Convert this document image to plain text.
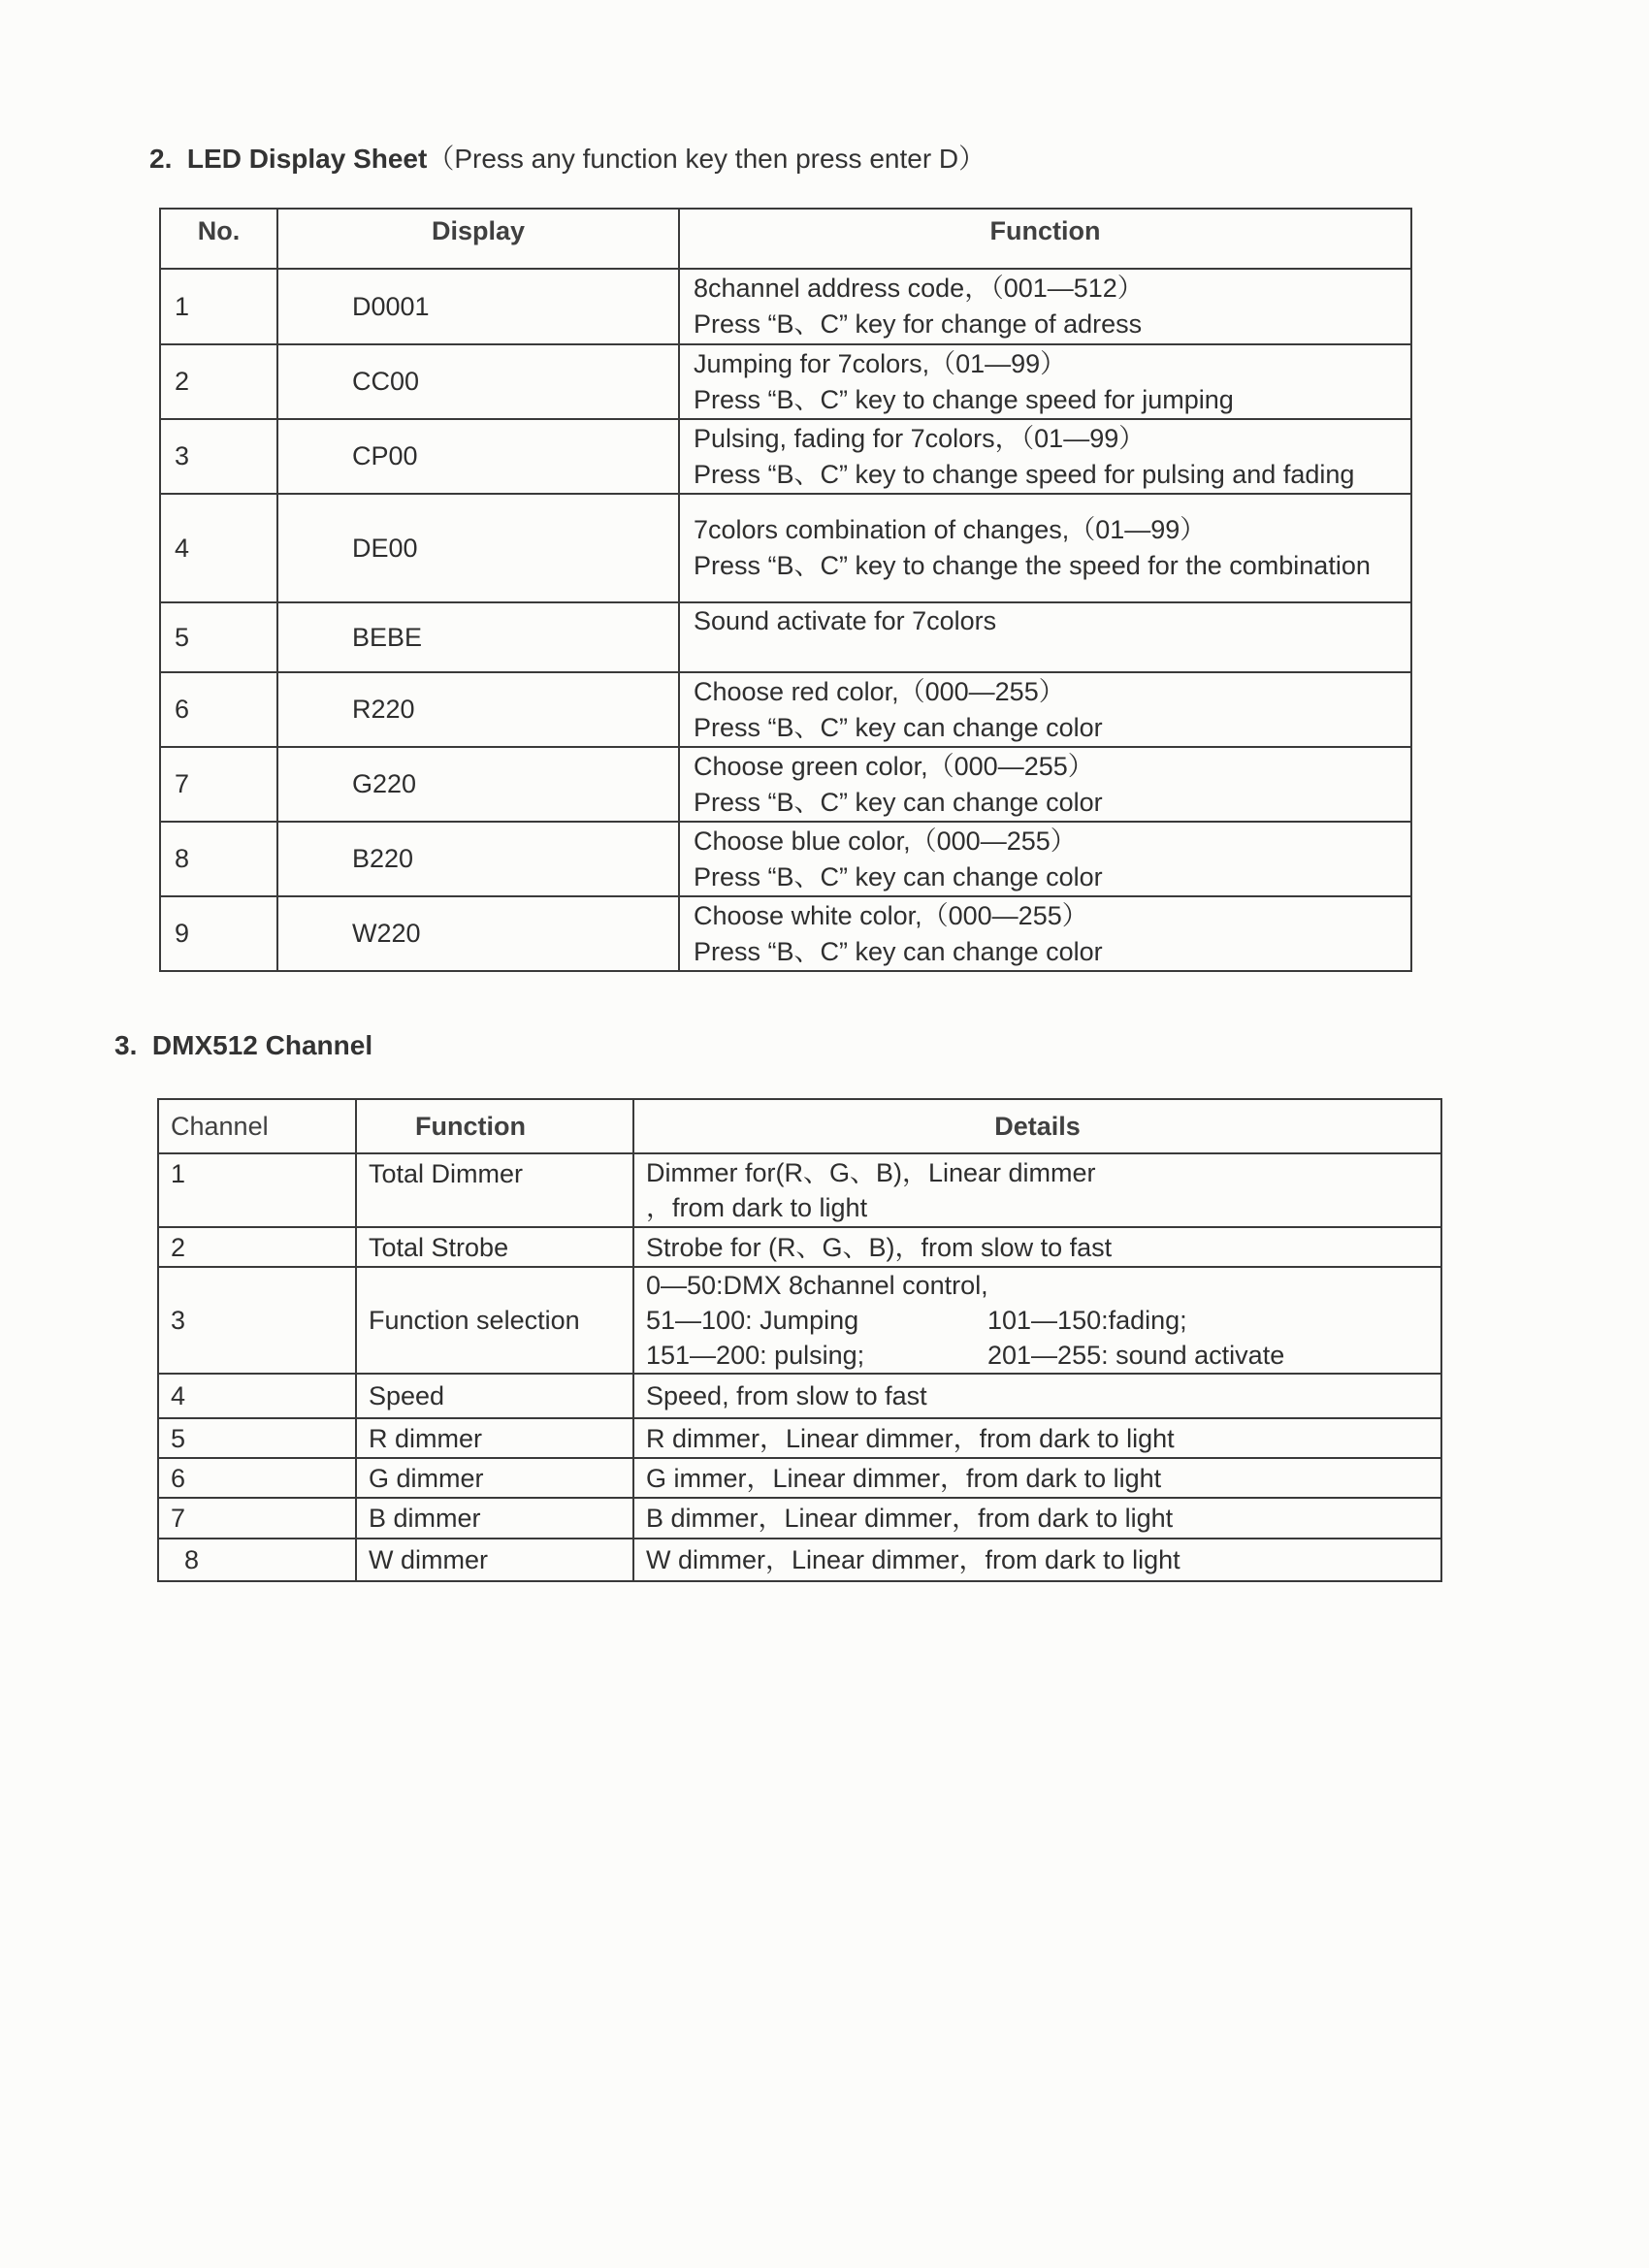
2. LED Display Sheet（Press any function key then press enter D）
No.	Display	Function
1	D0001	8channel address code，（001—512）
Press “B、C” key for change of adress

2	CC00	Jumping for 7colors,（01—99）
Press “B、C” key to change speed for jumping

3	CP00	Pulsing, fading for 7colors，（01—99）
Press “B、C” key to change speed for pulsing and fading

4	DE00	7colors combination of changes,（01—99）
Press “B、C” key to change the speed for the combination

5	BEBE	Sound activate for 7colors

6	R220	Choose red color,（000—255）
Press “B、C” key can change color

7	G220	Choose green color,（000—255）
Press “B、C” key can change color

8	B220	Choose blue color,（000—255）
Press “B、C” key can change color

9	W220	Choose white color,（000—255）
Press “B、C” key can change color
3. DMX512 Channel
Channel	Function	Details
1	Total Dimmer	Dimmer for(R、G、B)，Linear dimmer
，from dark to light

2	Total Strobe	Strobe for (R、G、B)，from slow to fast

3	Function selection	0—50:DMX 8channel control,
51—100: Jumping 101—150:fading;
151—200: pulsing; 201—255: sound activate

4	Speed	Speed, from slow to fast

5	R dimmer	R dimmer，Linear dimmer，from dark to light

6	G dimmer	G immer，Linear dimmer，from dark to light

7	B dimmer	B dimmer，Linear dimmer，from dark to light

8	W dimmer	W dimmer，Linear dimmer，from dark to light
